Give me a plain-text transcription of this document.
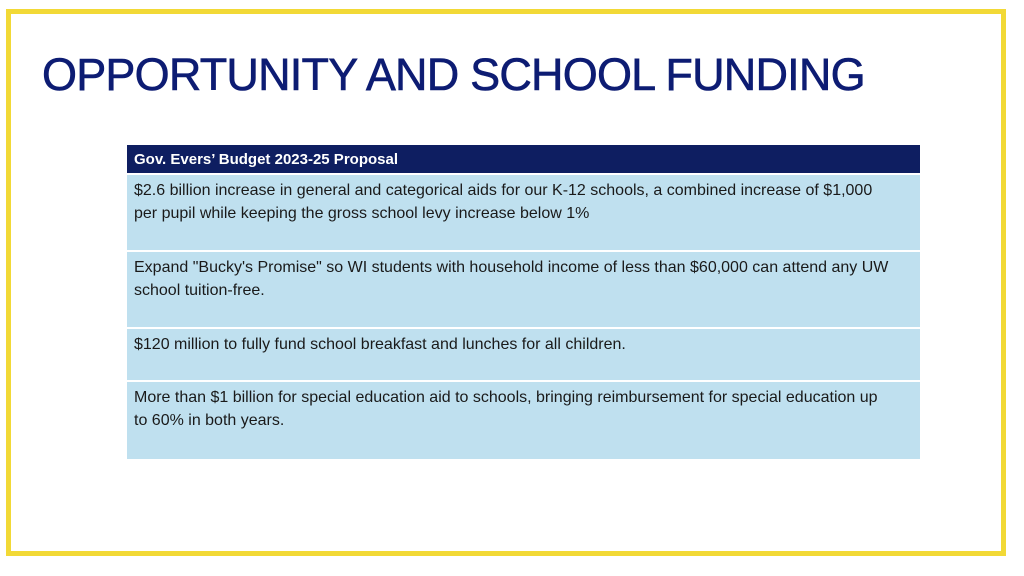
OPPORTUNITY AND SCHOOL FUNDING
Gov. Evers’ Budget 2023-25 Proposal
$2.6 billion increase in general and categorical aids for our K-12 schools, a combined increase of $1,000 per pupil while keeping the gross school levy increase below 1%
Expand "Bucky's Promise" so WI students with household income of less than $60,000 can attend any UW school tuition-free.
$120 million to fully fund school breakfast and lunches for all children.
More than $1 billion for special education aid to schools, bringing reimbursement for special education up to 60% in both years.
